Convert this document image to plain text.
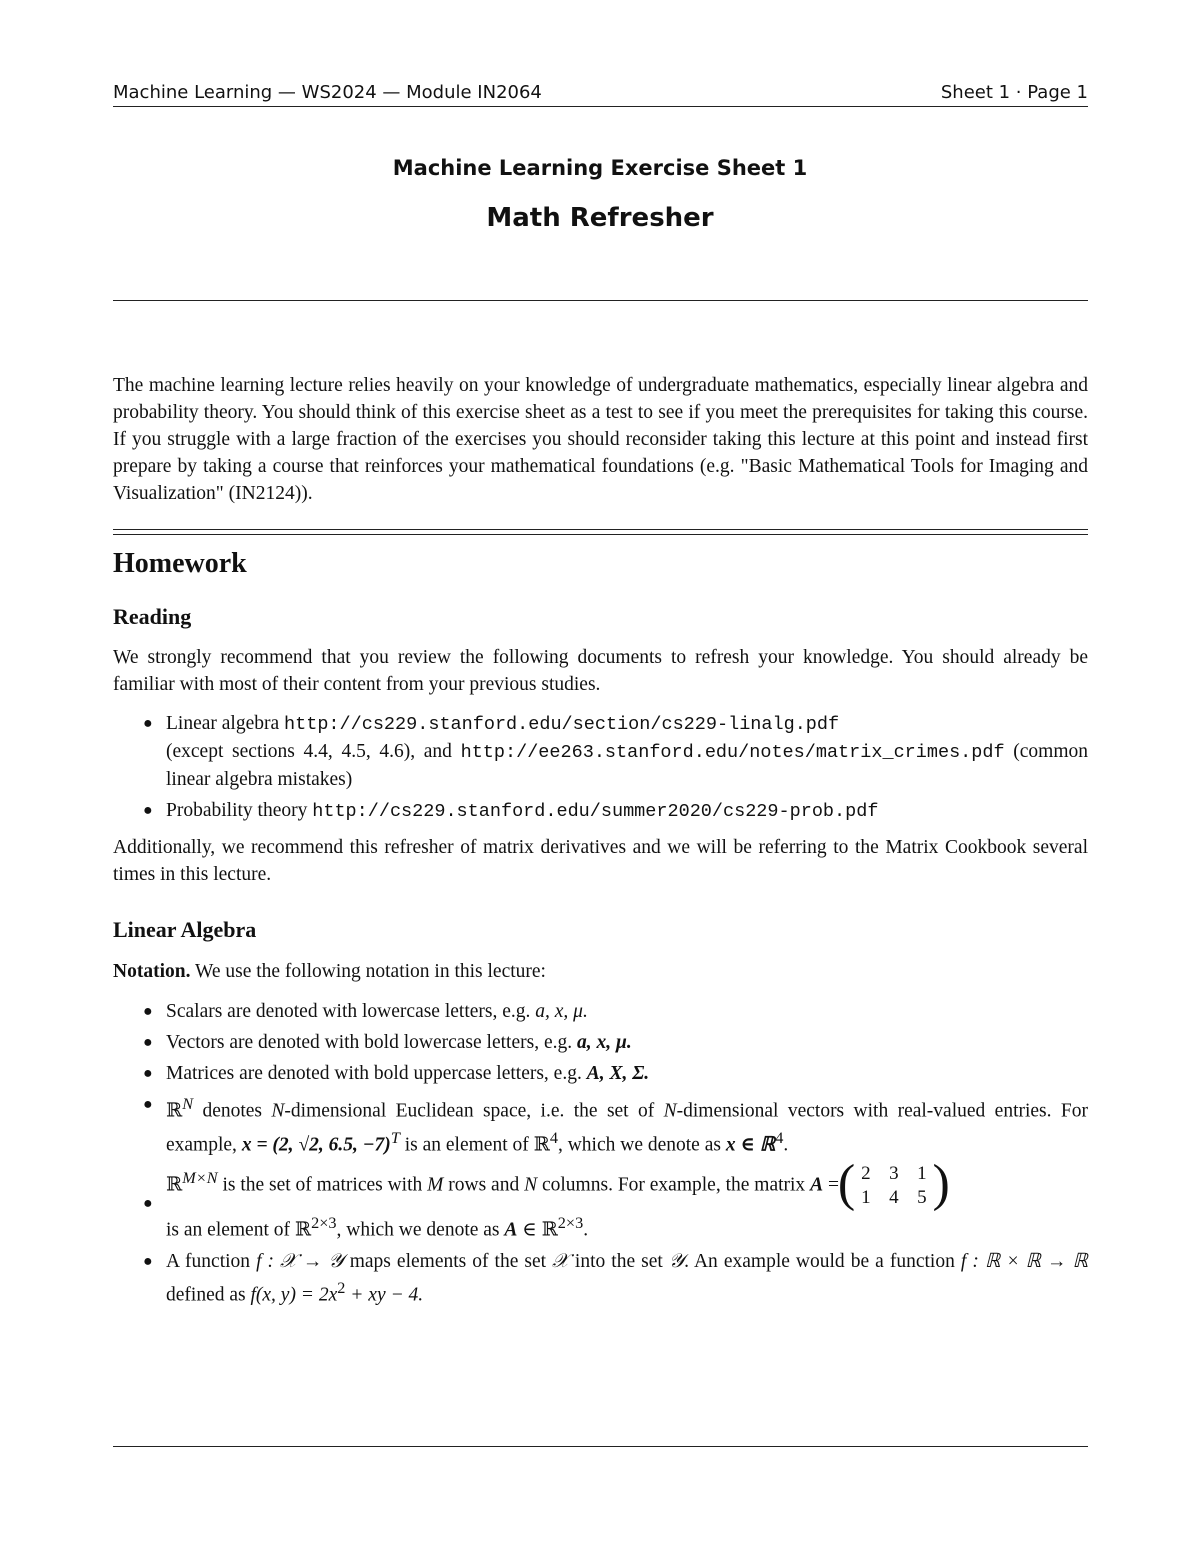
Machine Learning — WS2024 — Module IN2064	Sheet 1 · Page 1
Machine Learning Exercise Sheet 1
Math Refresher
The machine learning lecture relies heavily on your knowledge of undergraduate mathematics, especially linear algebra and probability theory. You should think of this exercise sheet as a test to see if you meet the prerequisites for taking this course. If you struggle with a large fraction of the exercises you should reconsider taking this lecture at this point and instead first prepare by taking a course that reinforces your mathematical foundations (e.g. "Basic Mathematical Tools for Imaging and Visualization" (IN2124)).
Homework
Reading
We strongly recommend that you review the following documents to refresh your knowledge. You should already be familiar with most of their content from your previous studies.
● Linear algebra http://cs229.stanford.edu/section/cs229-linalg.pdf
(except sections 4.4, 4.5, 4.6), and http://ee263.stanford.edu/notes/matrix_crimes.pdf (common linear algebra mistakes)
● Probability theory http://cs229.stanford.edu/summer2020/cs229-prob.pdf
Additionally, we recommend this refresher of matrix derivatives and we will be referring to the Matrix Cookbook several times in this lecture.
Linear Algebra
Notation. We use the following notation in this lecture:
● Scalars are denoted with lowercase letters, e.g. a, x, μ.
● Vectors are denoted with bold lowercase letters, e.g. a, x, μ.
● Matrices are denoted with bold uppercase letters, e.g. A, X, Σ.
● ℝ$^N$ denotes N-dimensional Euclidean space, i.e. the set of N-dimensional vectors with real-valued entries. For example, x = (2, √2, 6.5, −7)$^T$ is an element of ℝ$^4$, which we denote as x ∈ ℝ$^4$.
●
ℝ$^{M\times N}$ is the set of matrices with M rows and N columns. For example, the matrix A =
( 2 3 1
1 4 5 )

is an element of ℝ$^{2\times 3}$, which we denote as A ∈ ℝ$^{2\times 3}$.
● A function f : 𝒳 → 𝒴 maps elements of the set 𝒳 into the set 𝒴. An example would be a function f : ℝ × ℝ → ℝ defined as f(x, $y) = 2x^2$ + xy − 4.
